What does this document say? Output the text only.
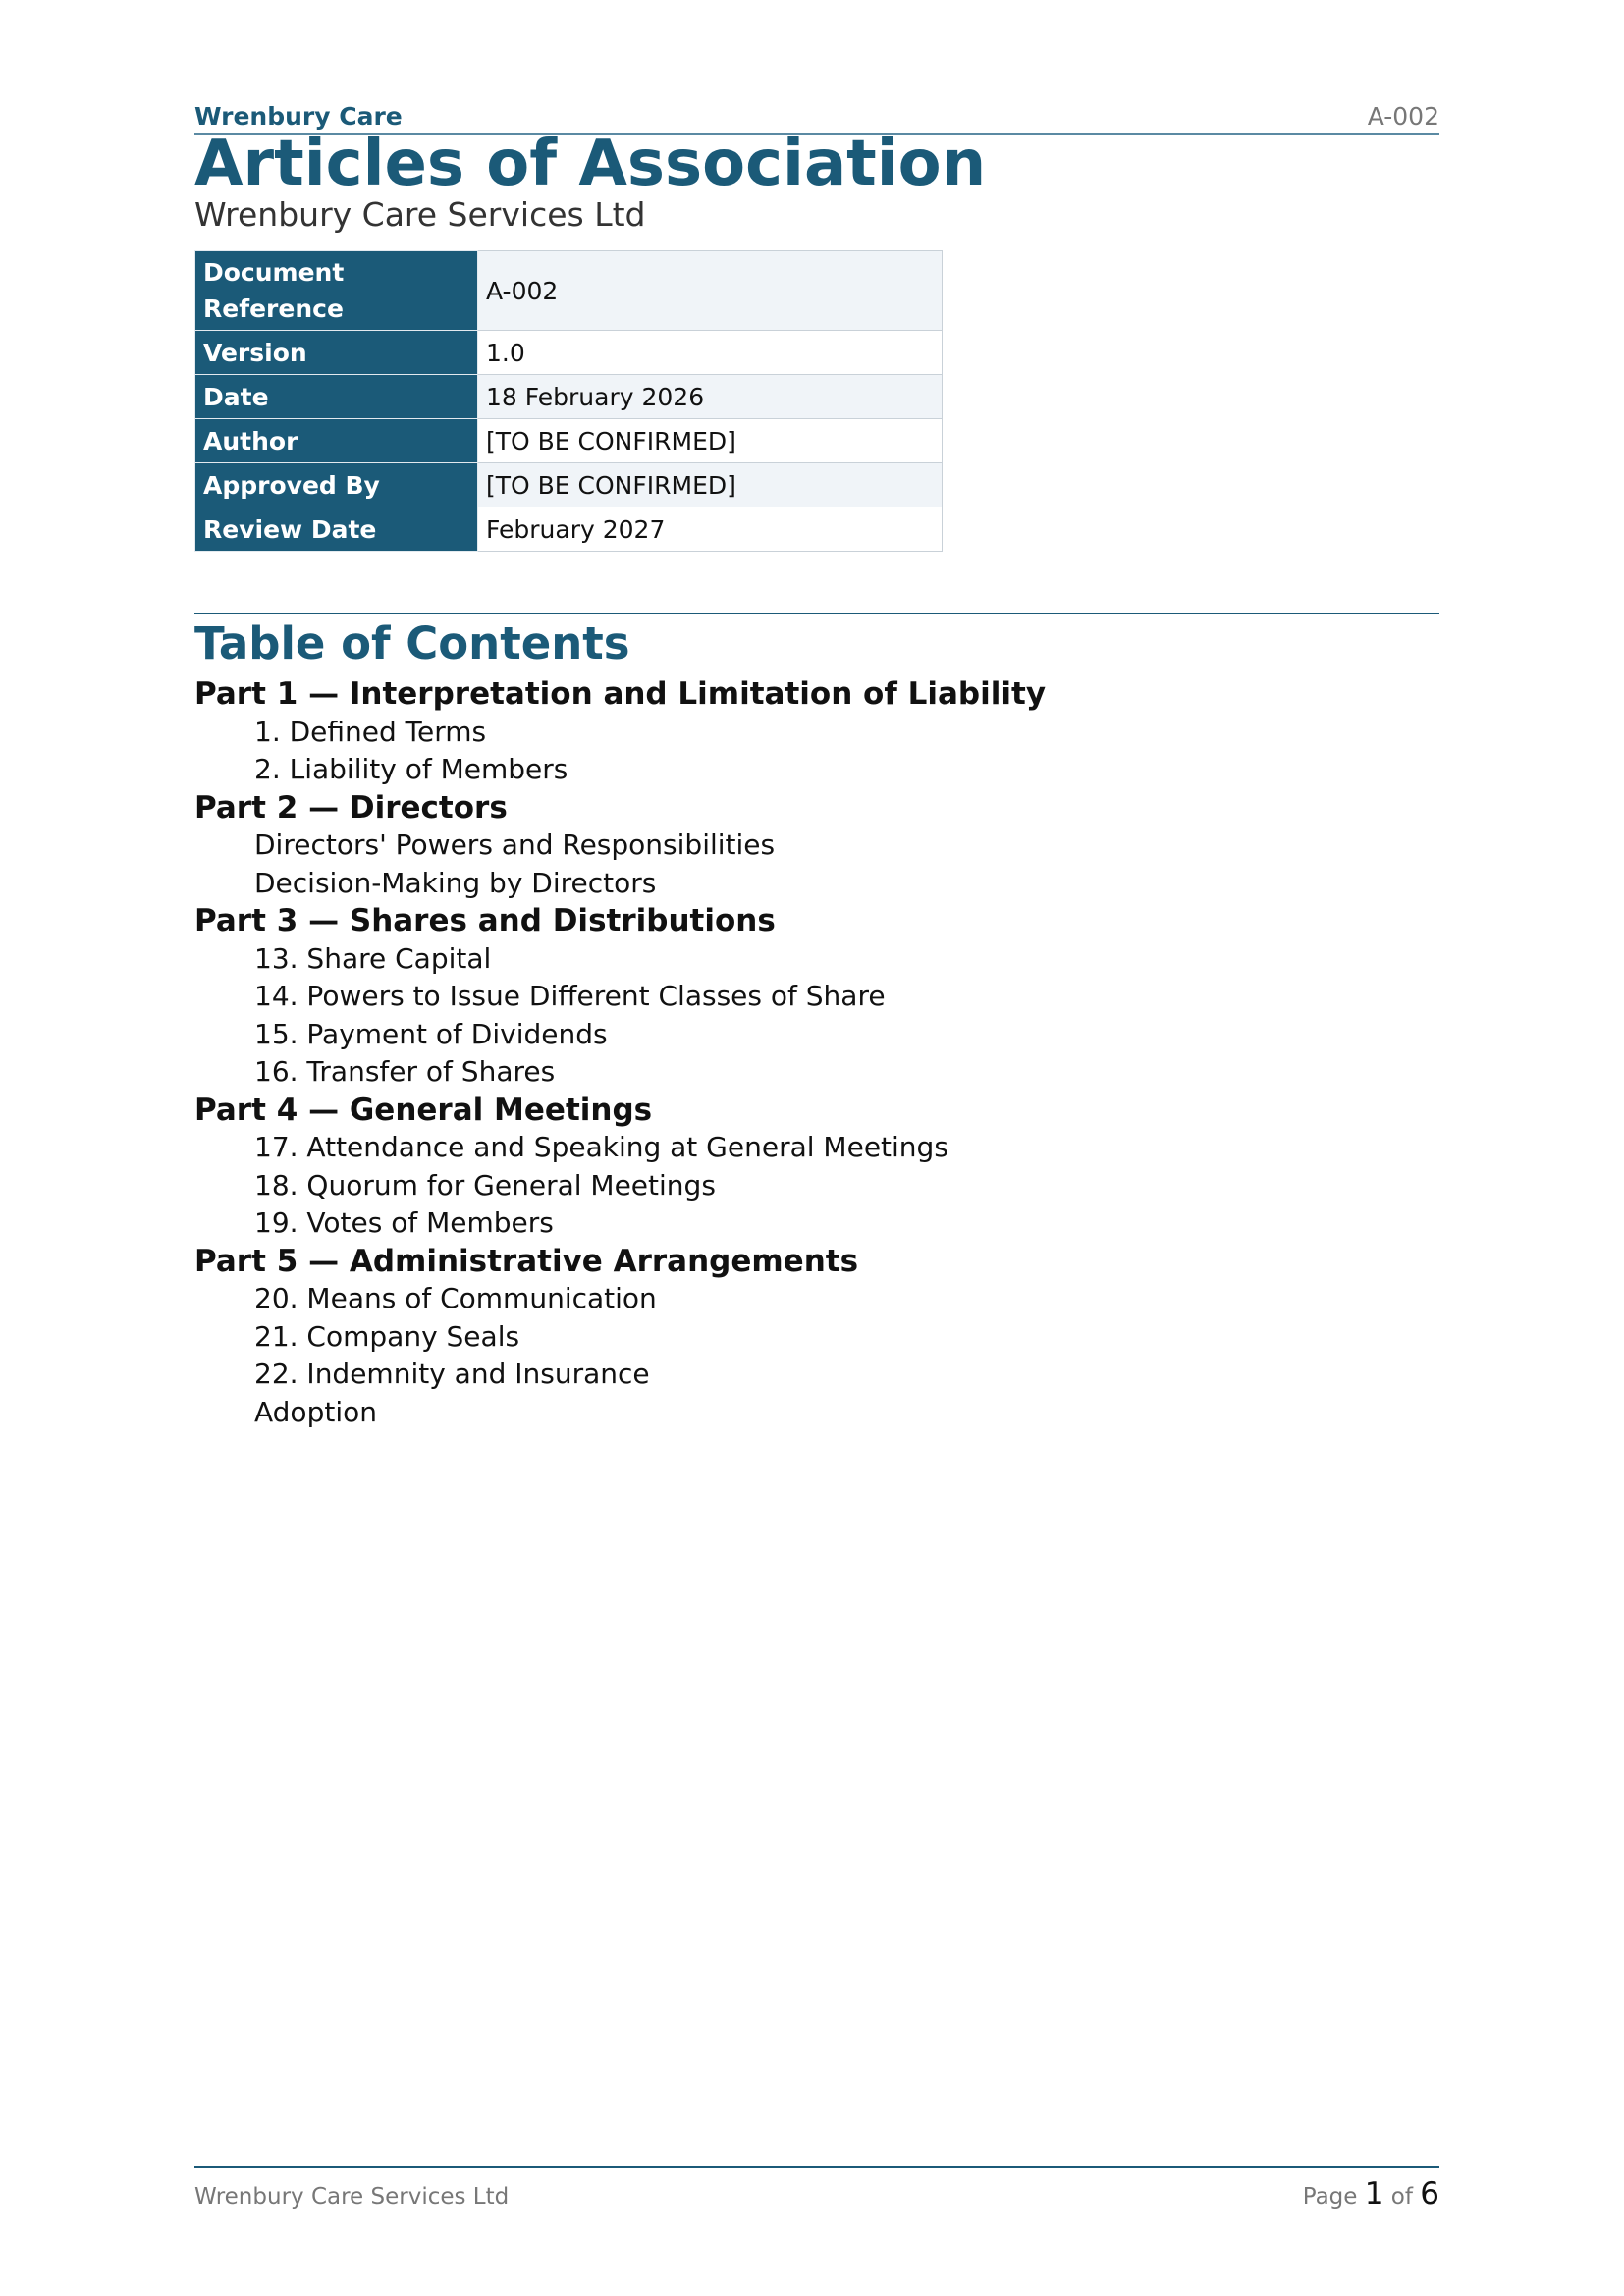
Wrenbury Care	A-002
Articles of Association
Wrenbury Care Services Ltd
Document Reference	A-002
Version	1.0
Date	18 February 2026
Author	[TO BE CONFIRMED]
Approved By	[TO BE CONFIRMED]
Review Date	February 2027
Table of Contents
Part 1 — Interpretation and Limitation of Liability
1. Defined Terms
2. Liability of Members
Part 2 — Directors
Directors' Powers and Responsibilities
Decision-Making by Directors
Part 3 — Shares and Distributions
13. Share Capital
14. Powers to Issue Different Classes of Share
15. Payment of Dividends
16. Transfer of Shares
Part 4 — General Meetings
17. Attendance and Speaking at General Meetings
18. Quorum for General Meetings
19. Votes of Members
Part 5 — Administrative Arrangements
20. Means of Communication
21. Company Seals
22. Indemnity and Insurance
Adoption
Wrenbury Care Services Ltd	Page 1 of 6
